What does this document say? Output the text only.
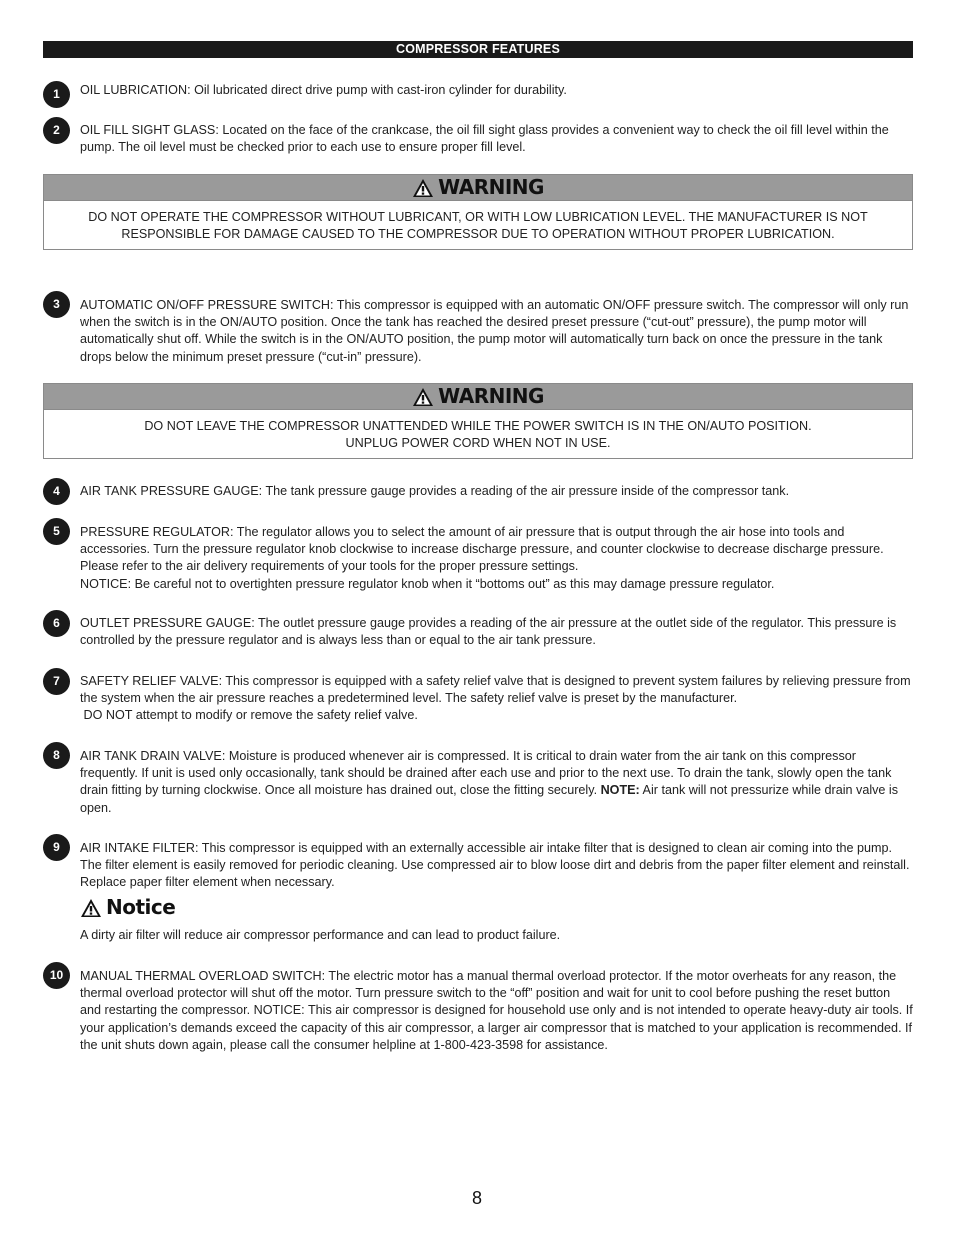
COMPRESSOR FEATURES
1	OIL LUBRICATION: Oil lubricated direct drive pump with cast-iron cylinder for durability.

2	OIL FILL SIGHT GLASS: Located on the face of the crankcase, the oil fill sight glass provides a convenient way to check the oil fill level within the pump. The oil level must be checked prior to each use to ensure proper fill level.

WARNING

DO NOT OPERATE THE COMPRESSOR WITHOUT LUBRICANT, OR WITH LOW LUBRICATION LEVEL. THE MANUFACTURER IS NOT

RESPONSIBLE FOR DAMAGE CAUSED TO THE COMPRESSOR DUE TO OPERATION WITHOUT PROPER LUBRICATION.

3	AUTOMATIC ON/OFF PRESSURE SWITCH: This compressor is equipped with an automatic ON/OFF pressure switch. The compressor will only run when the switch is in the ON/AUTO position. Once the tank has reached the desired preset pressure (“cut-out” pressure), the pump motor will automatically shut off. While the switch is in the ON/AUTO position, the pump motor will automatically turn back on once the pressure in the tank drops below the minimum preset pressure (“cut-in” pressure).

WARNING

DO NOT LEAVE THE COMPRESSOR UNATTENDED WHILE THE POWER SWITCH IS IN THE ON/AUTO POSITION.

UNPLUG POWER CORD WHEN NOT IN USE.

4	AIR TANK PRESSURE GAUGE: The tank pressure gauge provides a reading of the air pressure inside of the compressor tank.

5	PRESSURE REGULATOR: The regulator allows you to select the amount of air pressure that is output through the air hose into tools and accessories. Turn the pressure regulator knob clockwise to increase discharge pressure, and counter clockwise to decrease discharge pressure. Please refer to the air delivery requirements of your tools for the proper pressure settings.

NOTICE: Be careful not to overtighten pressure regulator knob when it “bottoms out” as this may damage pressure regulator.

6	OUTLET PRESSURE GAUGE: The outlet pressure gauge provides a reading of the air pressure at the outlet side of the regulator. This pressure is controlled by the pressure regulator and is always less than or equal to the air tank pressure.

7	SAFETY RELIEF VALVE: This compressor is equipped with a safety relief valve that is designed to prevent system failures by relieving pressure from the system when the air pressure reaches a predetermined level. The safety relief valve is preset by the manufacturer.

DO NOT attempt to modify or remove the safety relief valve.

8	AIR TANK DRAIN VALVE: Moisture is produced whenever air is compressed. It is critical to drain water from the air tank on this compressor frequently. If unit is used only occasionally, tank should be drained after each use and prior to the next use. To drain the tank, slowly open the tank drain fitting by turning clockwise. Once all moisture has drained out, close the fitting securely. NOTE: Air tank will not pressurize while drain valve is open.

9	AIR INTAKE FILTER: This compressor is equipped with an externally accessible air intake filter that is designed to clean air coming into the pump. The filter element is easily removed for periodic cleaning. Use compressed air to blow loose dirt and debris from the paper filter element and reinstall. Replace paper filter element when necessary.

Notice
A dirty air filter will reduce air compressor performance and can lead to product failure.
10	MANUAL THERMAL OVERLOAD SWITCH: The electric motor has a manual thermal overload protector. If the motor overheats for any reason, the thermal overload protector will shut off the motor. Turn pressure switch to the “off” position and wait for unit to cool before pushing the reset button and restarting the compressor. NOTICE: This air compressor is designed for household use only and is not intended to operate heavy-duty air tools. If your application’s demands exceed the capacity of this air compressor, a larger air compressor that is matched to your application is recommended. If the unit shuts down again, please call the consumer helpline at 1-800-423-3598 for assistance.

8
